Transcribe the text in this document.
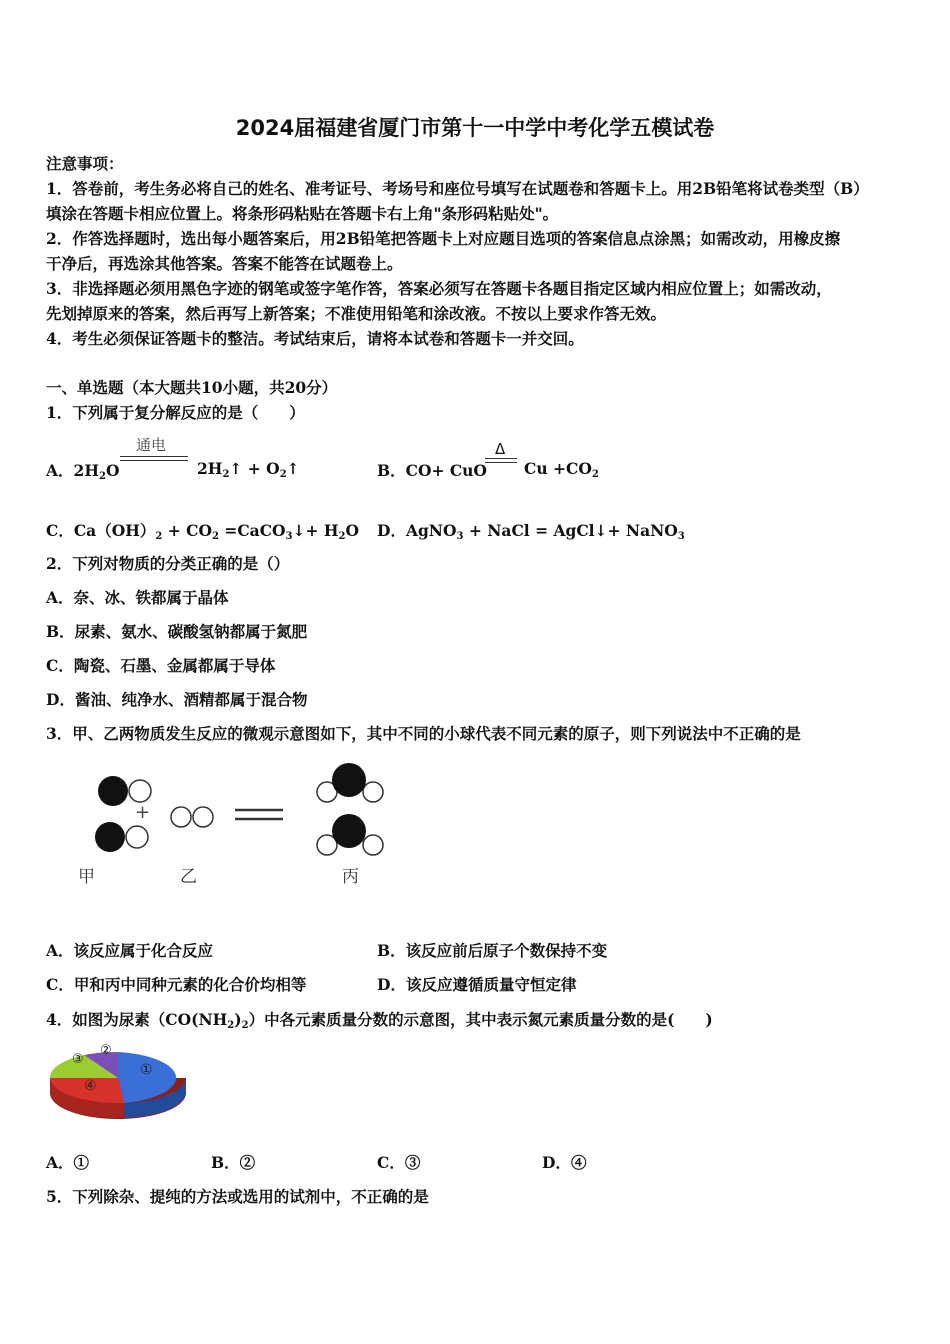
2024届福建省厦门市第十一中学中考化学五模试卷
注意事项：
1．答卷前，考生务必将自己的姓名、准考证号、考场号和座位号填写在试题卷和答题卡上。用2B铅笔将试卷类型（B）
填涂在答题卡相应位置上。将条形码粘贴在答题卡右上角"条形码粘贴处"。
2．作答选择题时，选出每小题答案后，用2B铅笔把答题卡上对应题目选项的答案信息点涂黑；如需改动，用橡皮擦
干净后，再选涂其他答案。答案不能答在试题卷上。
3．非选择题必须用黑色字迹的钢笔或签字笔作答，答案必须写在答题卡各题目指定区域内相应位置上；如需改动，
先划掉原来的答案，然后再写上新答案；不准使用铅笔和涂改液。不按以上要求作答无效。
4．考生必须保证答题卡的整洁。考试结束后，请将本试卷和答题卡一并交回。
一、单选题（本大题共10小题，共20分）
1．下列属于复分解反应的是（　　）
A．$2H_2O$
通电
$2H_2↑$ + $O_2↑$	B．CO+ CuO
Δ
$Cu +CO_2$
C．$Ca(OH)_2 + CO_2$ =CaCO$_3$↓+ $H_2O$ D．AgNO$_3$ + NaCl = AgCl↓+ NaNO$_3$
2．下列对物质的分类正确的是（）
A．奈、冰、铁都属于晶体
B．尿素、氨水、碳酸氢钠都属于氮肥
C．陶瓷、石墨、金属都属于导体
D．酱油、纯净水、酒精都属于混合物
3．甲、乙两物质发生反应的微观示意图如下，其中不同的小球代表不同元素的原子，则下列说法中不正确的是
+
甲	乙	丙
A．该反应属于化合反应	B．该反应前后原子个数保持不变
C．甲和丙中同种元素的化合价均相等	D．该反应遵循质量守恒定律
4．如图为尿素$(CO(NH_2)_2)$中各元素质量分数的示意图，其中表示氮元素质量分数的是(　　)
①
②
③
④
A．①	B．②	C．③	D．④
5．下列除杂、提纯的方法或选用的试剂中，不正确的是
